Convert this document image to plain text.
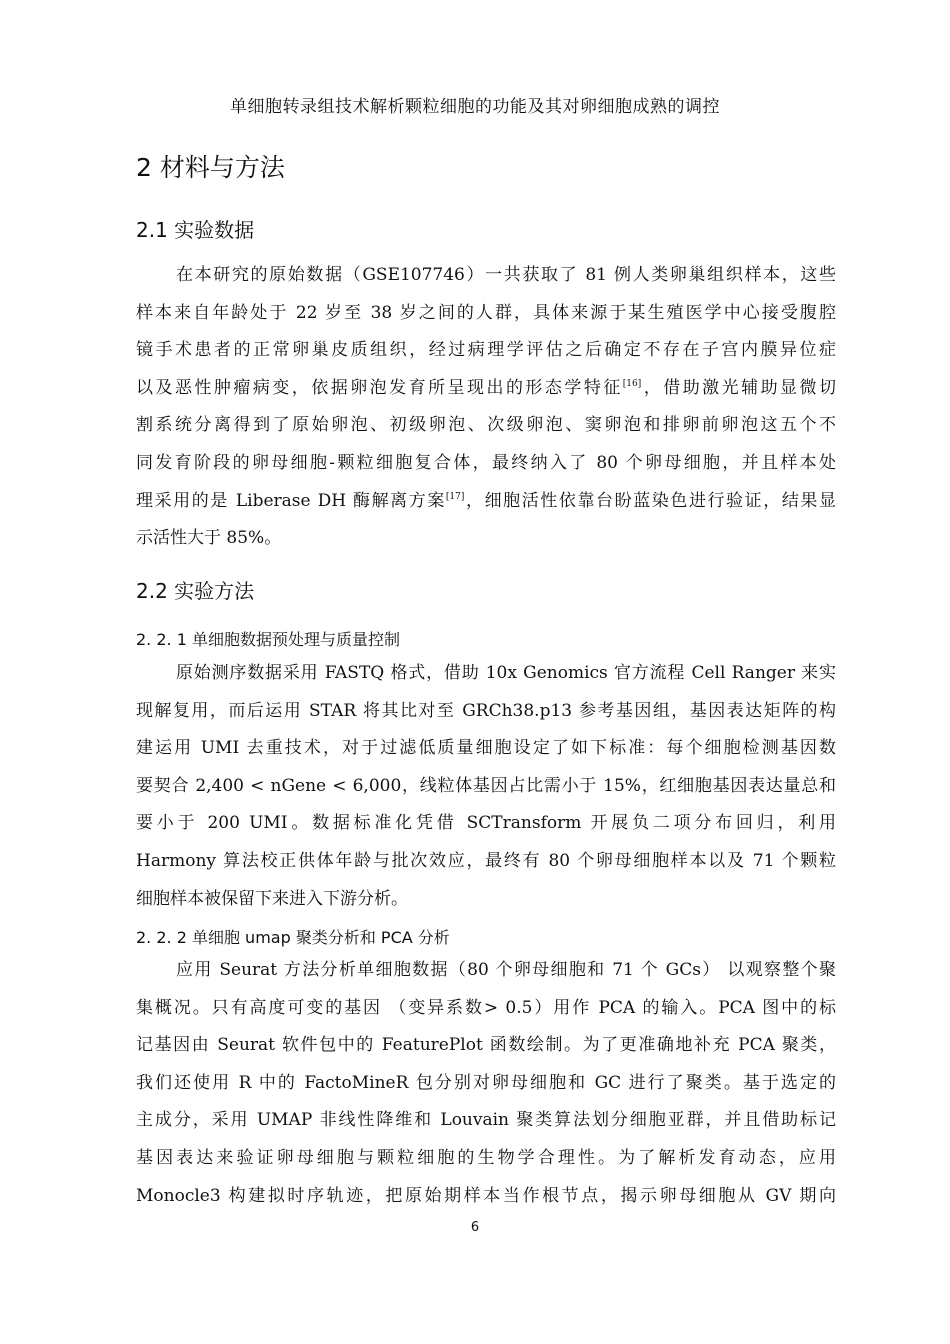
单细胞转录组技术解析颗粒细胞的功能及其对卵细胞成熟的调控
2 材料与方法
2.1 实验数据
在本研究的原始数据（GSE107746）一共获取了 81 例人类卵巢组织样本，这些
样本来自年龄处于 22 岁至 38 岁之间的人群，具体来源于某生殖医学中心接受腹腔
镜手术患者的正常卵巢皮质组织，经过病理学评估之后确定不存在子宫内膜异位症
以及恶性肿瘤病变，依据卵泡发育所呈现出的形态学特征[16]，借助激光辅助显微切
割系统分离得到了原始卵泡、初级卵泡、次级卵泡、窦卵泡和排卵前卵泡这五个不
同发育阶段的卵母细胞-颗粒细胞复合体，最终纳入了 80 个卵母细胞，并且样本处
理采用的是 Liberase DH 酶解离方案[17]，细胞活性依靠台盼蓝染色进行验证，结果显
示活性大于 85%。
2.2 实验方法
2. 2. 1 单细胞数据预处理与质量控制
原始测序数据采用 FASTQ 格式，借助 10x Genomics 官方流程 Cell Ranger 来实
现解复用，而后运用 STAR 将其比对至 GRCh38.p13 参考基因组，基因表达矩阵的构
建运用 UMI 去重技术，对于过滤低质量细胞设定了如下标准：每个细胞检测基因数
要契合 2,400 < nGene < 6,000，线粒体基因占比需小于 15%，红细胞基因表达量总和
要小于 200 UMI。数据标准化凭借 SCTransform 开展负二项分布回归，利用
Harmony 算法校正供体年龄与批次效应，最终有 80 个卵母细胞样本以及 71 个颗粒
细胞样本被保留下来进入下游分析。
2. 2. 2 单细胞 umap 聚类分析和 PCA 分析
应用 Seurat 方法分析单细胞数据（80 个卵母细胞和 71 个 GCs） 以观察整个聚
集概况。只有高度可变的基因 （变异系数> 0.5）用作 PCA 的输入。PCA 图中的标
记基因由 Seurat 软件包中的 FeaturePlot 函数绘制。为了更准确地补充 PCA 聚类，
我们还使用 R 中的 FactoMineR 包分别对卵母细胞和 GC 进行了聚类。基于选定的
主成分，采用 UMAP 非线性降维和 Louvain 聚类算法划分细胞亚群，并且借助标记
基因表达来验证卵母细胞与颗粒细胞的生物学合理性。为了解析发育动态，应用
Monocle3 构建拟时序轨迹，把原始期样本当作根节点，揭示卵母细胞从 GV 期向
6
